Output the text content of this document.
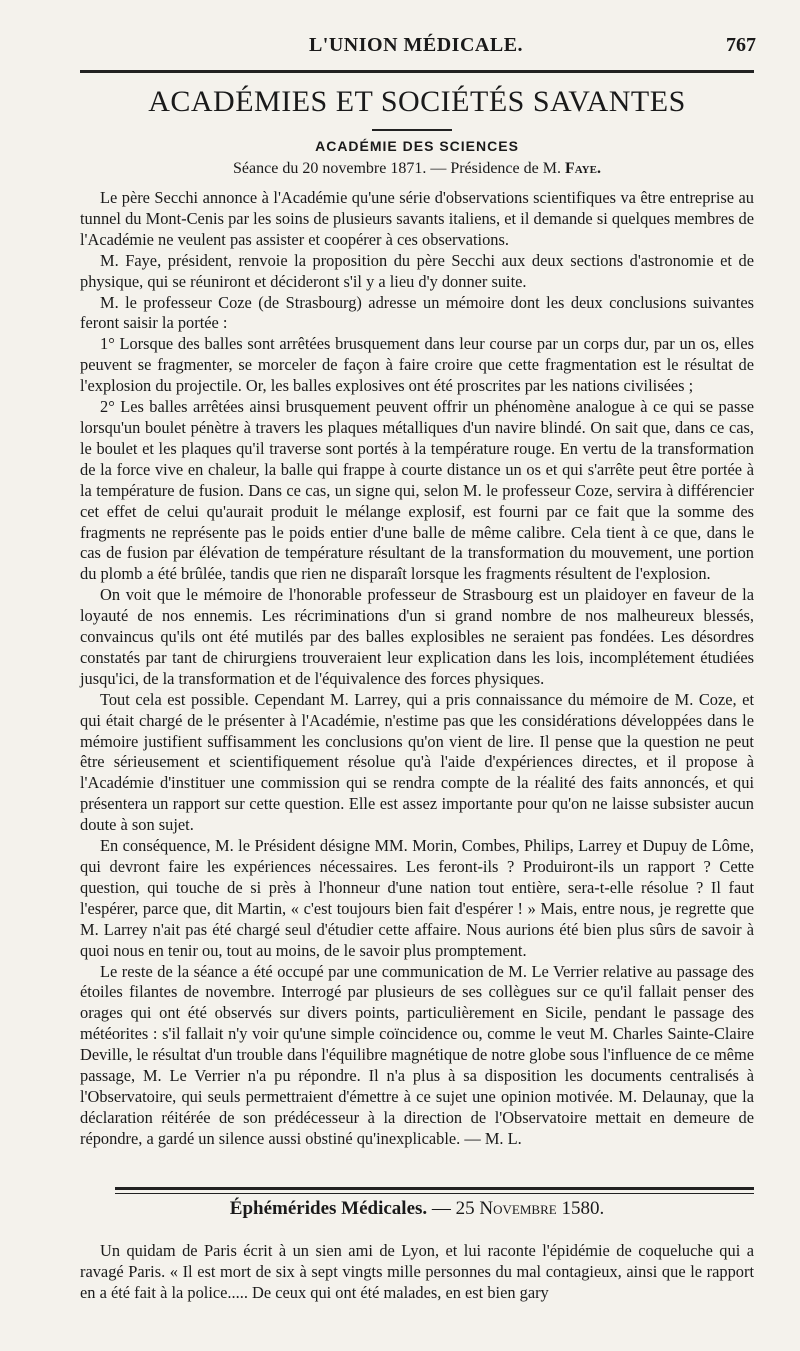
L'UNION MÉDICALE.	767
ACADÉMIES ET SOCIÉTÉS SAVANTES
ACADÉMIE DES SCIENCES
Séance du 20 novembre 1871. — Présidence de M. Faye.

Le père Secchi annonce à l'Académie qu'une série d'observations scientifiques va être entreprise au tunnel du Mont-Cenis par les soins de plusieurs savants italiens, et il demande si quelques membres de l'Académie ne veulent pas assister et coopérer à ces observations.

M. Faye, président, renvoie la proposition du père Secchi aux deux sections d'astronomie et de physique, qui se réuniront et décideront s'il y a lieu d'y donner suite.

M. le professeur Coze (de Strasbourg) adresse un mémoire dont les deux conclusions suivantes feront saisir la portée :

1° Lorsque des balles sont arrêtées brusquement dans leur course par un corps dur, par un os, elles peuvent se fragmenter, se morceler de façon à faire croire que cette fragmentation est le résultat de l'explosion du projectile. Or, les balles explosives ont été proscrites par les nations civilisées ;

2° Les balles arrêtées ainsi brusquement peuvent offrir un phénomène analogue à ce qui se passe lorsqu'un boulet pénètre à travers les plaques métalliques d'un navire blindé. On sait que, dans ce cas, le boulet et les plaques qu'il traverse sont portés à la température rouge. En vertu de la transformation de la force vive en chaleur, la balle qui frappe à courte distance un os et qui s'arrête peut être portée à la température de fusion. Dans ce cas, un signe qui, selon M. le professeur Coze, servira à différencier cet effet de celui qu'aurait produit le mélange explosif, est fourni par ce fait que la somme des fragments ne représente pas le poids entier d'une balle de même calibre. Cela tient à ce que, dans le cas de fusion par élévation de température résultant de la transformation du mouvement, une portion du plomb a été brûlée, tandis que rien ne disparaît lorsque les fragments résultent de l'explosion.

On voit que le mémoire de l'honorable professeur de Strasbourg est un plaidoyer en faveur de la loyauté de nos ennemis. Les récriminations d'un si grand nombre de nos malheureux blessés, convaincus qu'ils ont été mutilés par des balles explosibles ne seraient pas fondées. Les désordres constatés par tant de chirurgiens trouveraient leur explication dans les lois, incomplétement étudiées jusqu'ici, de la transformation et de l'équivalence des forces physiques.

Tout cela est possible. Cependant M. Larrey, qui a pris connaissance du mémoire de M. Coze, et qui était chargé de le présenter à l'Académie, n'estime pas que les considérations développées dans le mémoire justifient suffisamment les conclusions qu'on vient de lire. Il pense que la question ne peut être sérieusement et scientifiquement résolue qu'à l'aide d'expériences directes, et il propose à l'Académie d'instituer une commission qui se rendra compte de la réalité des faits annoncés, et qui présentera un rapport sur cette question. Elle est assez importante pour qu'on ne laisse subsister aucun doute à son sujet.

En conséquence, M. le Président désigne MM. Morin, Combes, Philips, Larrey et Dupuy de Lôme, qui devront faire les expériences nécessaires. Les feront-ils ? Produiront-ils un rapport ? Cette question, qui touche de si près à l'honneur d'une nation tout entière, sera-t-elle résolue ? Il faut l'espérer, parce que, dit Martin, « c'est toujours bien fait d'espérer ! » Mais, entre nous, je regrette que M. Larrey n'ait pas été chargé seul d'étudier cette affaire. Nous aurions été bien plus sûrs de savoir à quoi nous en tenir ou, tout au moins, de le savoir plus promptement.

Le reste de la séance a été occupé par une communication de M. Le Verrier relative au passage des étoiles filantes de novembre. Interrogé par plusieurs de ses collègues sur ce qu'il fallait penser des orages qui ont été observés sur divers points, particulièrement en Sicile, pendant le passage des météorites : s'il fallait n'y voir qu'une simple coïncidence ou, comme le veut M. Charles Sainte-Claire Deville, le résultat d'un trouble dans l'équilibre magnétique de notre globe sous l'influence de ce même passage, M. Le Verrier n'a pu répondre. Il n'a plus à sa disposition les documents centralisés à l'Observatoire, qui seuls permettraient d'émettre à ce sujet une opinion motivée. M. Delaunay, que la déclaration réitérée de son prédécesseur à la direction de l'Observatoire mettait en demeure de répondre, a gardé un silence aussi obstiné qu'inexplicable. — M. L.

Éphémérides Médicales. — 25 Novembre 1580.

Un quidam de Paris écrit à un sien ami de Lyon, et lui raconte l'épidémie de coqueluche qui a ravagé Paris. « Il est mort de six à sept vingts mille personnes du mal contagieux, ainsi que le rapport en a été fait à la police..... De ceux qui ont été malades, en est bien gary
